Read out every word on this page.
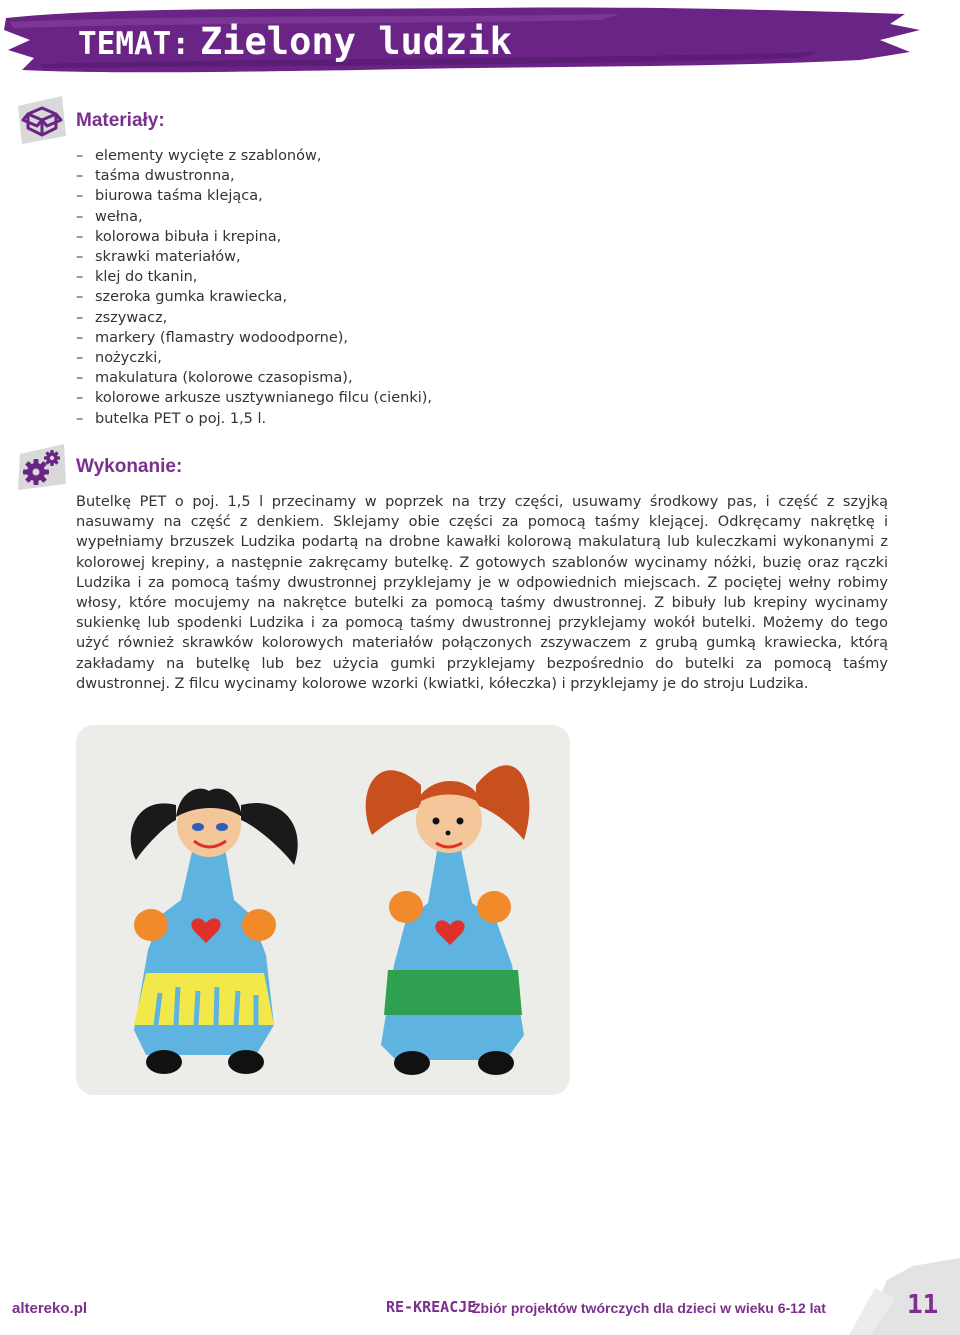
TEMAT: Zielony ludzik
Materiały:
– elementy wycięte z szablonów,
– taśma dwustronna,
– biurowa taśma klejąca,
– wełna,
– kolorowa bibuła i krepina,
– skrawki materiałów,
– klej do tkanin,
– szeroka gumka krawiecka,
– zszywacz,
– markery (flamastry wodoodporne),
– nożyczki,
– makulatura (kolorowe czasopisma),
– kolorowe arkusze usztywnianego filcu (cienki),
– butelka PET o poj. 1,5 l.
Wykonanie:

Butelkę PET o poj. 1,5 l przecinamy w poprzek na trzy części, usuwamy środkowy pas, i część z szyjką nasuwamy na część z denkiem. Sklejamy obie części za pomocą taśmy klejącej. Odkręcamy nakrętkę i wypełniamy brzuszek Ludzika podartą na drobne kawałki kolorową makulaturą lub kuleczkami wykonanymi z kolorowej krepiny, a następnie zakręcamy butelkę. Z gotowych szablonów wycinamy nóżki, buzię oraz rączki Ludzika i za pomocą taśmy dwustronnej przyklejamy je w odpowiednich miejscach. Z pociętej wełny robimy włosy, które mocujemy na nakrętce butelki za pomocą taśmy dwustronnej. Z bibuły lub krepiny wycinamy sukienkę lub spodenki Ludzika i za pomocą taśmy dwustronnej przyklejamy wokół butelki. Możemy do tego użyć również skrawków kolorowych materiałów połączonych zszywaczem z grubą gumką krawiecka, którą zakładamy na butelkę lub bez użycia gumki przyklejamy bezpośrednio do butelki za pomocą taśmy dwustronnej. Z filcu wycinamy kolorowe wzorki (kwiatki, kółeczka) i przyklejamy je do stroju Ludzika.

altereko.pl	RE-KREACJE
Zbiór projektów twórczych dla dzieci w wieku 6-12 lat	11
